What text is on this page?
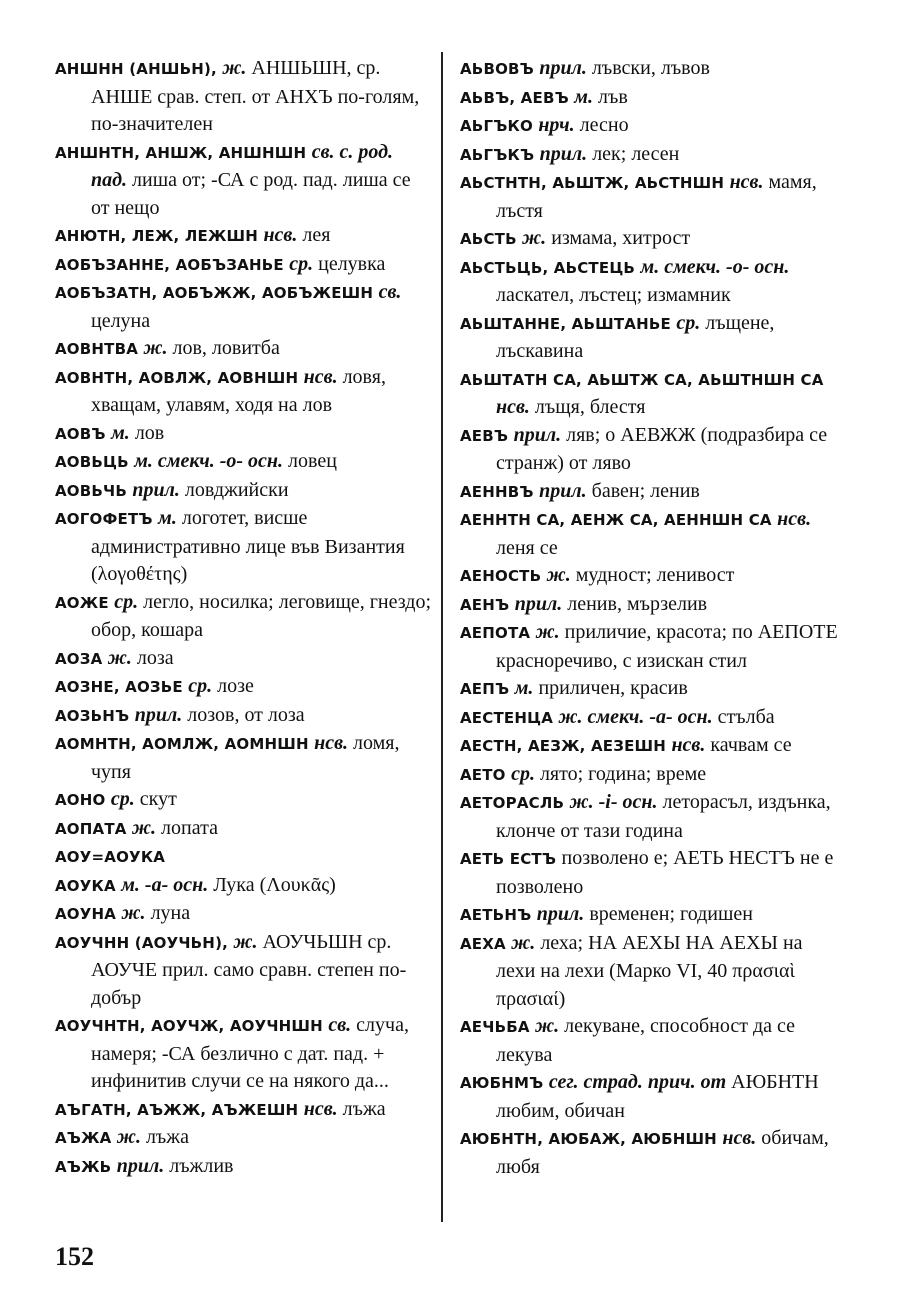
АНШНН (АНШЬН), ж. АНШЬШН, ср. АНШЕ срав. степ. от АНХЪ по-голям, по-значителен
АНШНТН, АНШЖ, АНШНШН св. с. род. пад. лиша от; -СА с род. пад. лиша се от нещо
АНЮТН, ЛЕЖ, ЛЕЖШН нсв. лея
АОБЪЗАННЕ, АОБЪЗАНЬЕ ср. целувка
АОБЪЗАТН, АОБЪЖЖ, АОБЪЖЕШН св. целуна
АОВНТВА ж. лов, ловитба
АОВНТН, АОВЛЖ, АОВНШН нсв. ловя, хващам, улавям, ходя на лов
АОВЪ м. лов
АОВЬЦЬ м. смекч. -о- осн. ловец
АОВЬЧЬ прил. ловджийски
АОГОФЕТЪ м. логотет, висше административно лице във Византия (λογοθέτης)
АОЖЕ ср. легло, носилка; леговище, гнездо; обор, кошара
АОЗА ж. лоза
АОЗНЕ, АОЗЬЕ ср. лозе
АОЗЬНЪ прил. лозов, от лоза
АОМНТН, АОМЛЖ, АОМНШН нсв. ломя, чупя
АОНО ср. скут
АОПАТА ж. лопата
АОУ=АОУКА
АОУКА м. -а- осн. Лука (Λουκᾶς)
АОУНА ж. луна
АОУЧНН (АОУЧЬН), ж. АОУЧЬШН ср. АОУЧЕ прил. само сравн. степен по-добър
АОУЧНТН, АОУЧЖ, АОУЧНШН св. случа, намеря; -СА безлично с дат. пад. + инфинитив случи се на някого да...
АЪГАТН, АЪЖЖ, АЪЖЕШН нсв. лъжа
АЪЖА ж. лъжа
АЪЖЬ прил. лъжлив
АЬВОВЪ прил. лъвски, лъвов
АЬВЪ, АЕВЪ м. лъв
АЬГЪКО нрч. лесно
АЬГЪКЪ прил. лек; лесен
АЬСТНТН, АЬШТЖ, АЬСТНШН нсв. мамя, лъстя
АЬСТЬ ж. измама, хитрост
АЬСТЬЦЬ, АЬСТЕЦЬ м. смекч. -о- осн. ласкател, лъстец; измамник
АЬШТАННЕ, АЬШТАНЬЕ ср. лъщене, лъскавина
АЬШТАТН СА, АЬШТЖ СА, АЬШТНШН СА нсв. лъщя, блестя
АЕВЪ прил. ляв; о АЕВЖЖ (подразбира се странж) от ляво
АЕННВЪ прил. бавен; ленив
АЕННТН СА, АЕНЖ СА, АЕННШН СА нсв. леня се
АЕНОСТЬ ж. мудност; ленивост
АЕНЪ прил. ленив, мързелив
АЕПОТА ж. приличие, красота; по АЕПОТЕ красноречиво, с изискан стил
АЕПЪ м. приличен, красив
АЕСТЕНЦА ж. смекч. -а- осн. стълба
АЕСТН, АЕЗЖ, АЕЗЕШН нсв. качвам се
АЕТО ср. лято; година; време
АЕТОРАСЛЬ ж. -i- осн. леторасъл, издънка, клонче от тази година
АЕТЬ ЕСТЪ позволено е; АЕТЬ НЕСТЪ не е позволено
АЕТЬНЪ прил. временен; годишен
АЕХА ж. леха; НА АЕХЫ НА АЕХЫ на лехи на лехи (Марко VI, 40 πρασιαὶ πρασιαί)
АЕЧЬБА ж. лекуване, способност да се лекува
АЮБНМЪ сег. страд. прич. от АЮБНТН любим, обичан
АЮБНТН, АЮБАЖ, АЮБНШН нсв. обичам, любя
152
